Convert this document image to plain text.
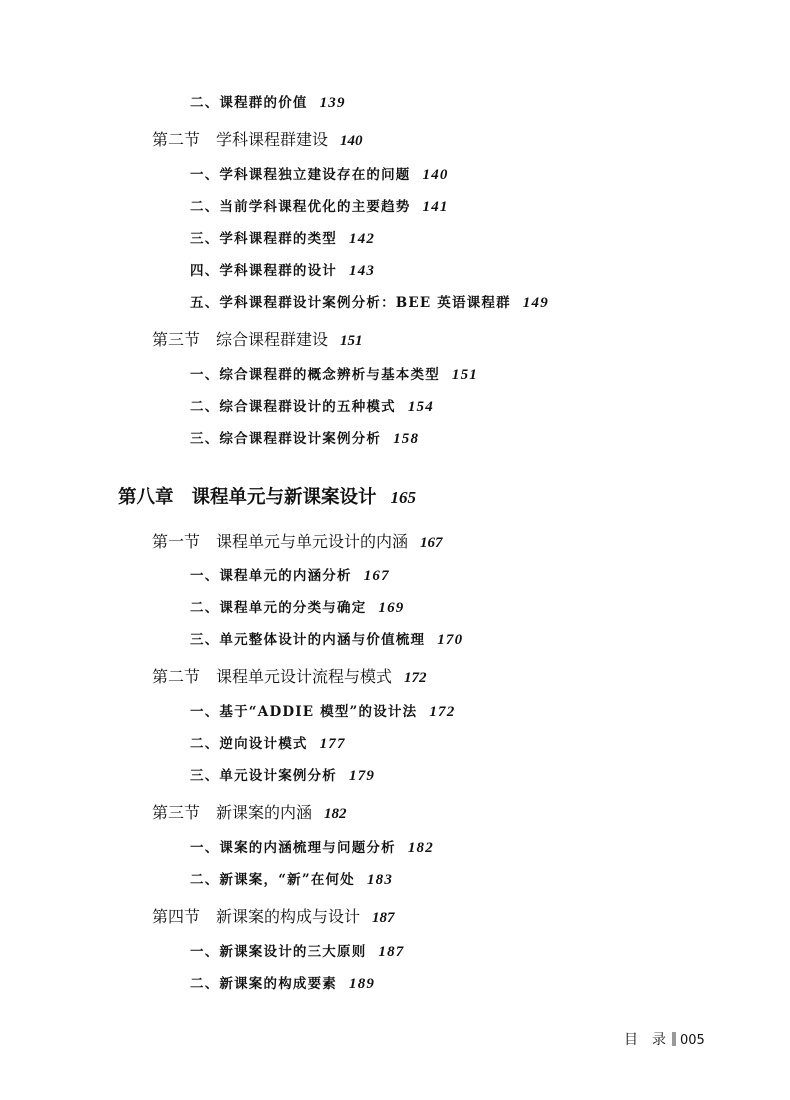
二、课程群的价值 139
第二节 学科课程群建设 140
一、学科课程独立建设存在的问题 140
二、当前学科课程优化的主要趋势 141
三、学科课程群的类型 142
四、学科课程群的设计 143
五、学科课程群设计案例分析：BEE 英语课程群 149
第三节 综合课程群建设 151
一、综合课程群的概念辨析与基本类型 151
二、综合课程群设计的五种模式 154
三、综合课程群设计案例分析 158
第八章 课程单元与新课案设计 165
第一节 课程单元与单元设计的内涵 167
一、课程单元的内涵分析 167
二、课程单元的分类与确定 169
三、单元整体设计的内涵与价值梳理 170
第二节 课程单元设计流程与模式 172
一、基于“ADDIE 模型”的设计法 172
二、逆向设计模式 177
三、单元设计案例分析 179
第三节 新课案的内涵 182
一、课案的内涵梳理与问题分析 182
二、新课案，“新”在何处 183
第四节 新课案的构成与设计 187
一、新课案设计的三大原则 187
二、新课案的构成要素 189
目　录 005
